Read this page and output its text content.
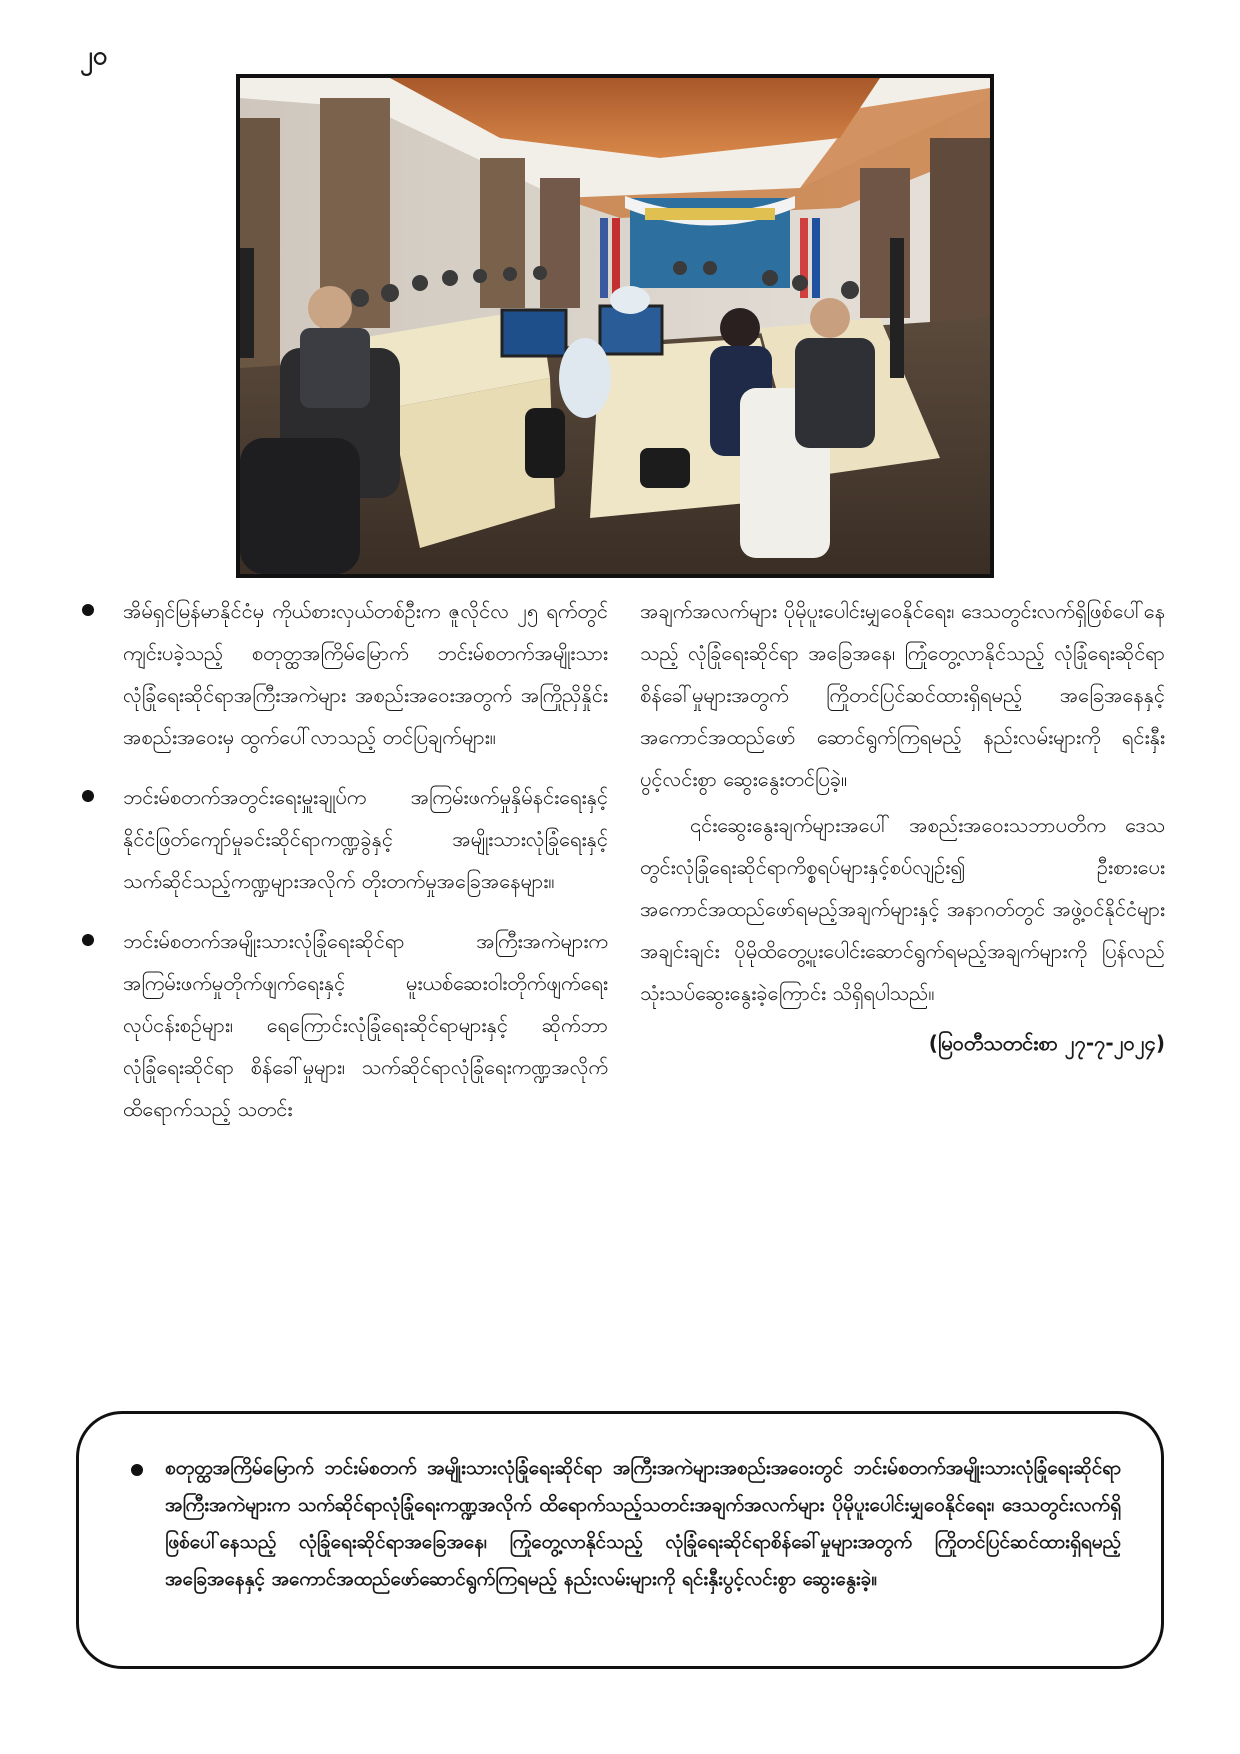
၂၀
အိမ်ရှင်မြန်မာနိုင်ငံမှ ကိုယ်စားလှယ်တစ်ဦးက ဇူလိုင်လ ၂၅ ရက်တွင် ကျင်းပခဲ့သည့် စတုတ္ထအကြိမ်မြောက် ဘင်းမ်စတက်အမျိုးသားလုံခြုံရေးဆိုင်ရာအကြီးအကဲများ အစည်းအဝေးအတွက် အကြိုညှိနှိုင်းအစည်းအဝေးမှ ထွက်ပေါ်လာသည့် တင်ပြချက်များ။
ဘင်းမ်စတက်အတွင်းရေးမှူးချုပ်က အကြမ်းဖက်မှုနှိမ်နင်းရေးနှင့် နိုင်ငံဖြတ်ကျော်မှုခင်းဆိုင်ရာကဏ္ဍခွဲနှင့် အမျိုးသားလုံခြုံရေးနှင့် သက်ဆိုင်သည့်ကဏ္ဍများအလိုက် တိုးတက်မှုအခြေအနေများ။
ဘင်းမ်စတက်အမျိုးသားလုံခြုံရေးဆိုင်ရာ အကြီးအကဲများက အကြမ်းဖက်မှုတိုက်ဖျက်ရေးနှင့် မူးယစ်ဆေးဝါးတိုက်ဖျက်ရေးလုပ်ငန်းစဉ်များ၊ ရေကြောင်းလုံခြုံရေးဆိုင်ရာများနှင့် ဆိုက်ဘာလုံခြုံရေးဆိုင်ရာ စိန်ခေါ်မှုများ၊ သက်ဆိုင်ရာလုံခြုံရေးကဏ္ဍအလိုက် ထိရောက်သည့် သတင်း

အချက်အလက်များ ပိုမိုပူးပေါင်းမျှဝေနိုင်ရေး၊ ဒေသတွင်းလက်ရှိဖြစ်ပေါ်နေသည့် လုံခြုံရေးဆိုင်ရာ အခြေအနေ၊ ကြုံတွေ့လာနိုင်သည့် လုံခြုံရေးဆိုင်ရာ စိန်ခေါ်မှုများအတွက် ကြိုတင်ပြင်ဆင်ထားရှိရမည့် အခြေအနေနှင့် အကောင်အထည်ဖော် ဆောင်ရွက်ကြရမည့် နည်းလမ်းများကို ရင်းနှီးပွင့်လင်းစွာ ဆွေးနွေးတင်ပြခဲ့။

၎င်းဆွေးနွေးချက်များအပေါ် အစည်းအဝေးသဘာပတိက ဒေသတွင်းလုံခြုံရေးဆိုင်ရာကိစ္စရပ်များနှင့်စပ်လျဉ်း၍ ဦးစားပေးအကောင်အထည်ဖော်ရမည့်အချက်များနှင့် အနာဂတ်တွင် အဖွဲ့ဝင်နိုင်ငံများအချင်းချင်း ပိုမိုထိတွေ့ပူးပေါင်းဆောင်ရွက်ရမည့်အချက်များကို ပြန်လည်သုံးသပ်ဆွေးနွေးခဲ့ကြောင်း သိရှိရပါသည်။

(မြဝတီသတင်းစာ ၂၇-၇-၂၀၂၄)
စတုတ္ထအကြိမ်မြောက် ဘင်းမ်စတက် အမျိုးသားလုံခြုံရေးဆိုင်ရာ အကြီးအကဲများအစည်းအဝေးတွင် ဘင်းမ်စတက်အမျိုးသားလုံခြုံရေးဆိုင်ရာ အကြီးအကဲများက သက်ဆိုင်ရာလုံခြုံရေးကဏ္ဍအလိုက် ထိရောက်သည့်သတင်းအချက်အလက်များ ပိုမိုပူးပေါင်းမျှဝေနိုင်ရေး၊ ဒေသတွင်းလက်ရှိဖြစ်ပေါ်နေသည့် လုံခြုံရေးဆိုင်ရာအခြေအနေ၊ ကြုံတွေ့လာနိုင်သည့် လုံခြုံရေးဆိုင်ရာစိန်ခေါ်မှုများအတွက် ကြိုတင်ပြင်ဆင်ထားရှိရမည့်အခြေအနေနှင့် အကောင်အထည်ဖော်ဆောင်ရွက်ကြရမည့် နည်းလမ်းများကို ရင်းနှီးပွင့်လင်းစွာ ဆွေးနွေးခဲ့။
